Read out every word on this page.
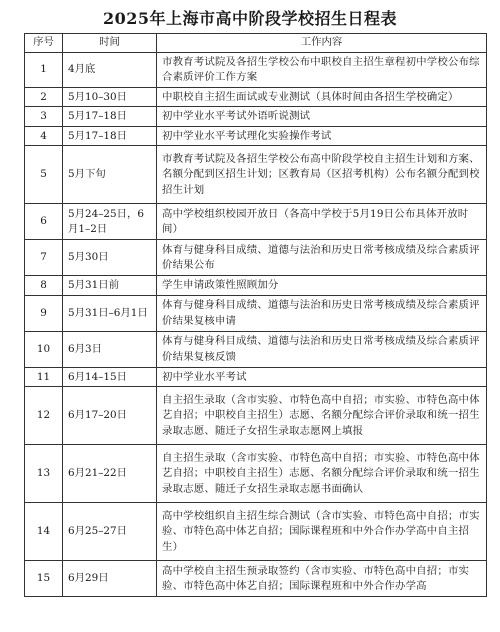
2025年上海市高中阶段学校招生日程表
序号	时间	工作内容
1	4月底	市教育考试院及各招生学校公布中职校自主招生章程初中学校公布综合素质评价工作方案
2	5月10–30日	中职校自主招生面试或专业测试（具体时间由各招生学校确定）
3	5月17–18日	初中学业水平考试外语听说测试
4	5月17–18日	初中学业水平考试理化实验操作考试
5	5月下旬	市教育考试院及各招生学校公布高中阶段学校自主招生计划和方案、名额分配到区招生计划；区教育局（区招考机构）公布名额分配到校招生计划
6	5月24–25日，6月1–2日	高中学校组织校园开放日（各高中学校于5月19日公布具体开放时间）
7	5月30日	体育与健身科目成绩、道德与法治和历史日常考核成绩及综合素质评价结果公布
8	5月31日前	学生申请政策性照顾加分
9	5月31日–6月1日	体育与健身科目成绩、道德与法治和历史日常考核成绩及综合素质评价结果复核申请
10	6月3日	体育与健身科目成绩、道德与法治和历史日常考核成绩及综合素质评价结果复核反馈
11	6月14–15日	初中学业水平考试
12	6月17–20日	自主招生录取（含市实验、市特色高中自招；市实验、市特色高中体艺自招；中职校自主招生）志愿、名额分配综合评价录取和统一招生录取志愿、随迁子女招生录取志愿网上填报
13	6月21–22日	自主招生录取（含市实验、市特色高中自招；市实验、市特色高中体艺自招；中职校自主招生）志愿、名额分配综合评价录取和统一招生录取志愿、随迁子女招生录取志愿书面确认
14	6月25–27日	高中学校组织自主招生综合测试（含市实验、市特色高中自招；市实验、市特色高中体艺自招；国际课程班和中外合作办学高中自主招生）
15	6月29日	高中学校自主招生预录取签约（含市实验、市特色高中自招；市实验、市特色高中体艺自招；国际课程班和中外合作办学高
